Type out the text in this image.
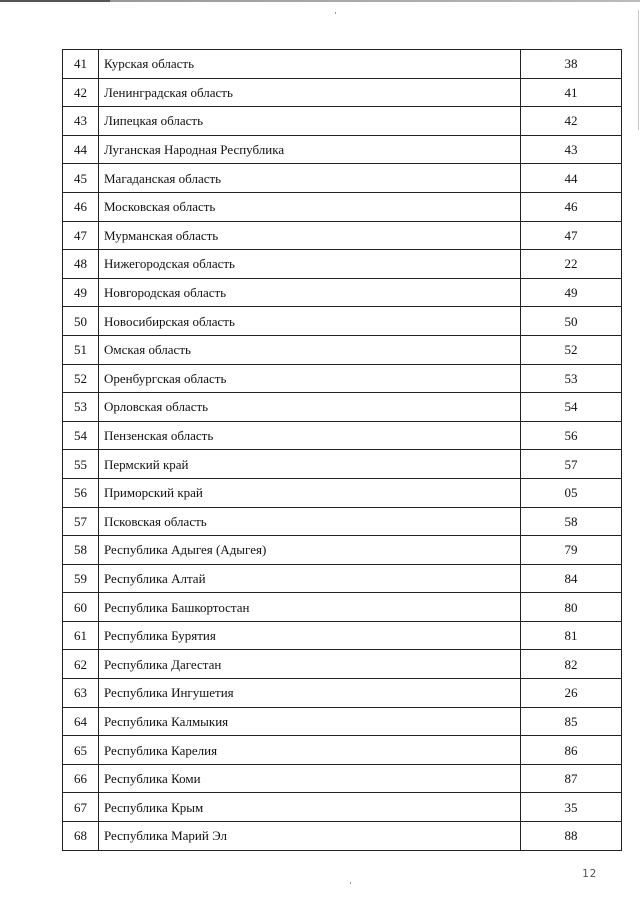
41	Курская область	38
42	Ленинградская область	41
43	Липецкая область	42
44	Луганская Народная Республика	43
45	Магаданская область	44
46	Московская область	46
47	Мурманская область	47
48	Нижегородская область	22
49	Новгородская область	49
50	Новосибирская область	50
51	Омская область	52
52	Оренбургская область	53
53	Орловская область	54
54	Пензенская область	56
55	Пермский край	57
56	Приморский край	05
57	Псковская область	58
58	Республика Адыгея (Адыгея)	79
59	Республика Алтай	84
60	Республика Башкортостан	80
61	Республика Бурятия	81
62	Республика Дагестан	82
63	Республика Ингушетия	26
64	Республика Калмыкия	85
65	Республика Карелия	86
66	Республика Коми	87
67	Республика Крым	35
68	Республика Марий Эл	88
12
